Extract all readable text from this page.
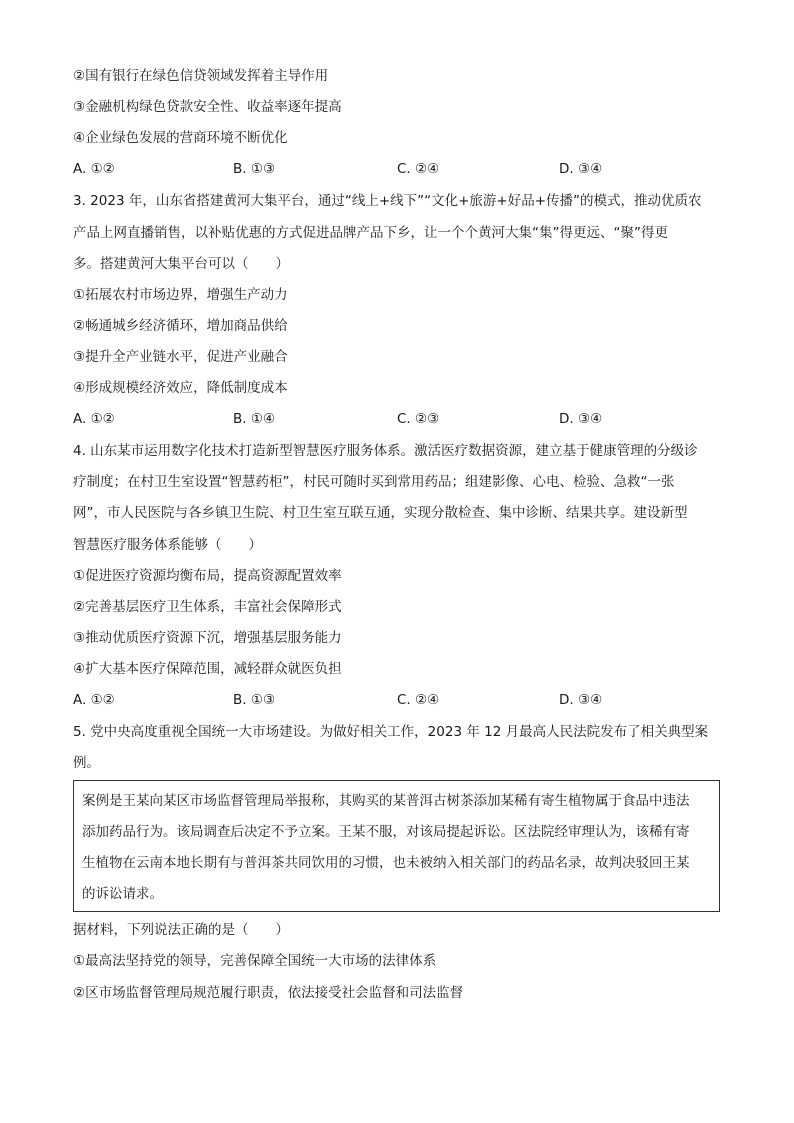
②国有银行在绿色信贷领域发挥着主导作用
③金融机构绿色贷款安全性、收益率逐年提高
④企业绿色发展的营商环境不断优化
A. ①②	B. ①③	C. ②④	D. ③④
3. 2023 年，山东省搭建黄河大集平台，通过“线上+线下”“文化+旅游+好品+传播”的模式，推动优质农
产品上网直播销售，以补贴优惠的方式促进品牌产品下乡，让一个个黄河大集“集”得更远、“聚”得更
多。搭建黄河大集平台可以（　　）
①拓展农村市场边界，增强生产动力
②畅通城乡经济循环，增加商品供给
③提升全产业链水平，促进产业融合
④形成规模经济效应，降低制度成本
A. ①②	B. ①④	C. ②③	D. ③④
4. 山东某市运用数字化技术打造新型智慧医疗服务体系。激活医疗数据资源，建立基于健康管理的分级诊
疗制度；在村卫生室设置“智慧药柜”，村民可随时买到常用药品；组建影像、心电、检验、急救“一张
网”，市人民医院与各乡镇卫生院、村卫生室互联互通，实现分散检查、集中诊断、结果共享。建设新型
智慧医疗服务体系能够（　　）
①促进医疗资源均衡布局，提高资源配置效率
②完善基层医疗卫生体系，丰富社会保障形式
③推动优质医疗资源下沉，增强基层服务能力
④扩大基本医疗保障范围，减轻群众就医负担
A. ①②	B. ①③	C. ②④	D. ③④
5. 党中央高度重视全国统一大市场建设。为做好相关工作，2023 年 12 月最高人民法院发布了相关典型案
例。
案例是王某向某区市场监督管理局举报称，其购买的某普洱古树茶添加某稀有寄生植物属于食品中违法
添加药品行为。该局调查后决定不予立案。王某不服，对该局提起诉讼。区法院经审理认为，该稀有寄
生植物在云南本地长期有与普洱茶共同饮用的习惯，也未被纳入相关部门的药品名录，故判决驳回王某
的诉讼请求。
据材料，下列说法正确的是（　　）
①最高法坚持党的领导，完善保障全国统一大市场的法律体系
②区市场监督管理局规范履行职责，依法接受社会监督和司法监督
